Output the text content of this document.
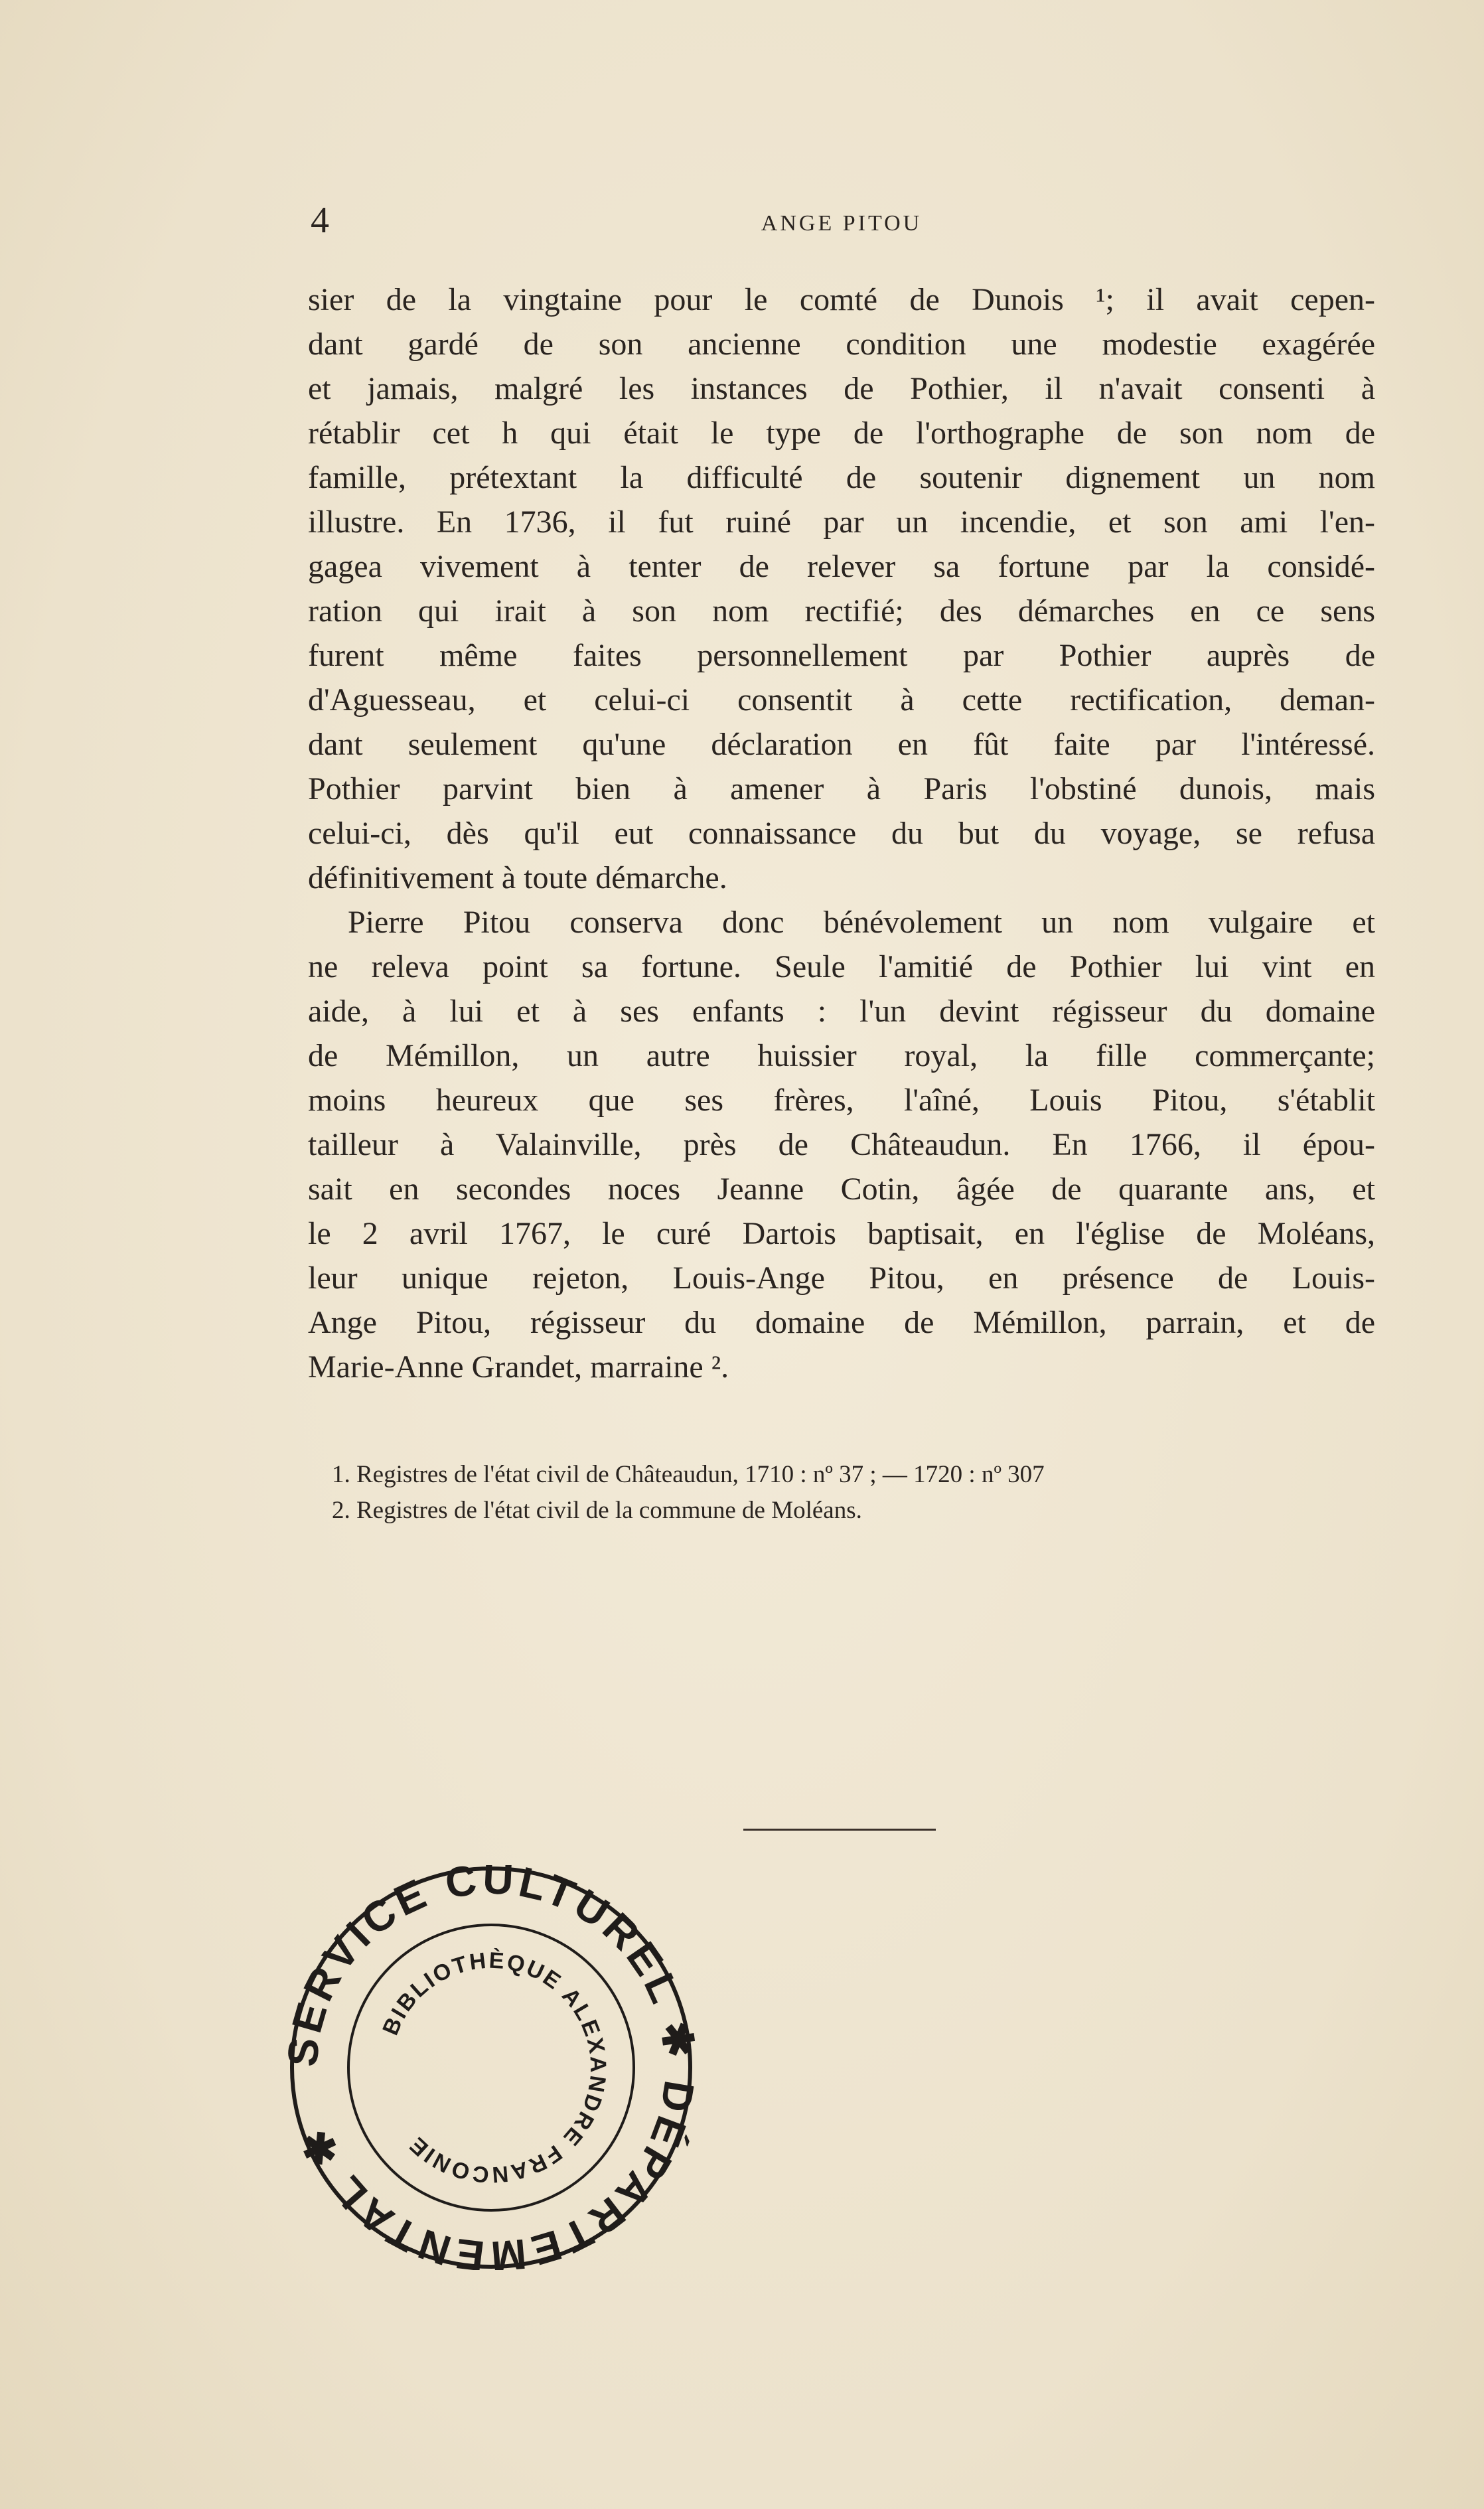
4	ANGE PITOU
sier de la vingtaine pour le comté de Dunois ¹; il avait cepen-
dant gardé de son ancienne condition une modestie exagérée
et jamais, malgré les instances de Pothier, il n'avait consenti à
rétablir cet h qui était le type de l'orthographe de son nom de
famille, prétextant la difficulté de soutenir dignement un nom
illustre. En 1736, il fut ruiné par un incendie, et son ami l'en-
gagea vivement à tenter de relever sa fortune par la considé-
ration qui irait à son nom rectifié; des démarches en ce sens
furent même faites personnellement par Pothier auprès de
d'Aguesseau, et celui-ci consentit à cette rectification, deman-
dant seulement qu'une déclaration en fût faite par l'intéressé.
Pothier parvint bien à amener à Paris l'obstiné dunois, mais
celui-ci, dès qu'il eut connaissance du but du voyage, se refusa
définitivement à toute démarche.
Pierre Pitou conserva donc bénévolement un nom vulgaire et
ne releva point sa fortune. Seule l'amitié de Pothier lui vint en
aide, à lui et à ses enfants : l'un devint régisseur du domaine
de Mémillon, un autre huissier royal, la fille commerçante;
moins heureux que ses frères, l'aîné, Louis Pitou, s'établit
tailleur à Valainville, près de Châteaudun. En 1766, il épou-
sait en secondes noces Jeanne Cotin, âgée de quarante ans, et
le 2 avril 1767, le curé Dartois baptisait, en l'église de Moléans,
leur unique rejeton, Louis-Ange Pitou, en présence de Louis-
Ange Pitou, régisseur du domaine de Mémillon, parrain, et de
Marie-Anne Grandet, marraine ².
1. Registres de l'état civil de Châteaudun, 1710 : nº 37 ; — 1720 : nº 307
2. Registres de l'état civil de la commune de Moléans.
SERVICE CULTUREL ✱ DÉPARTEMENTAL ✱
BIBLIOTHÈQUE ALEXANDRE FRANCONIE
